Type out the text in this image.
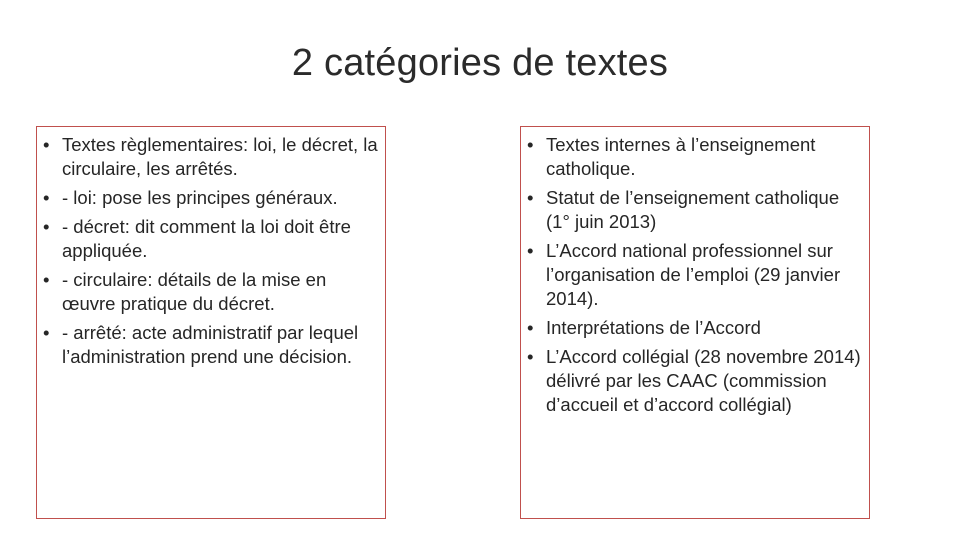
2 catégories de textes
• Textes règlementaires: loi, le décret, la circulaire, les arrêtés.
• - loi: pose les principes généraux.
• - décret: dit comment la loi doit être appliquée.
• - circulaire: détails de la mise en œuvre pratique du décret.
• - arrêté: acte administratif par lequel l’administration prend une décision.
• Textes internes à l’enseignement catholique.
• Statut de l’enseignement catholique (1° juin 2013)
• L’Accord national professionnel sur l’organisation de l’emploi (29 janvier 2014).
• Interprétations de l’Accord
• L’Accord collégial (28 novembre 2014) délivré par les CAAC (commission d’accueil et d’accord collégial)
